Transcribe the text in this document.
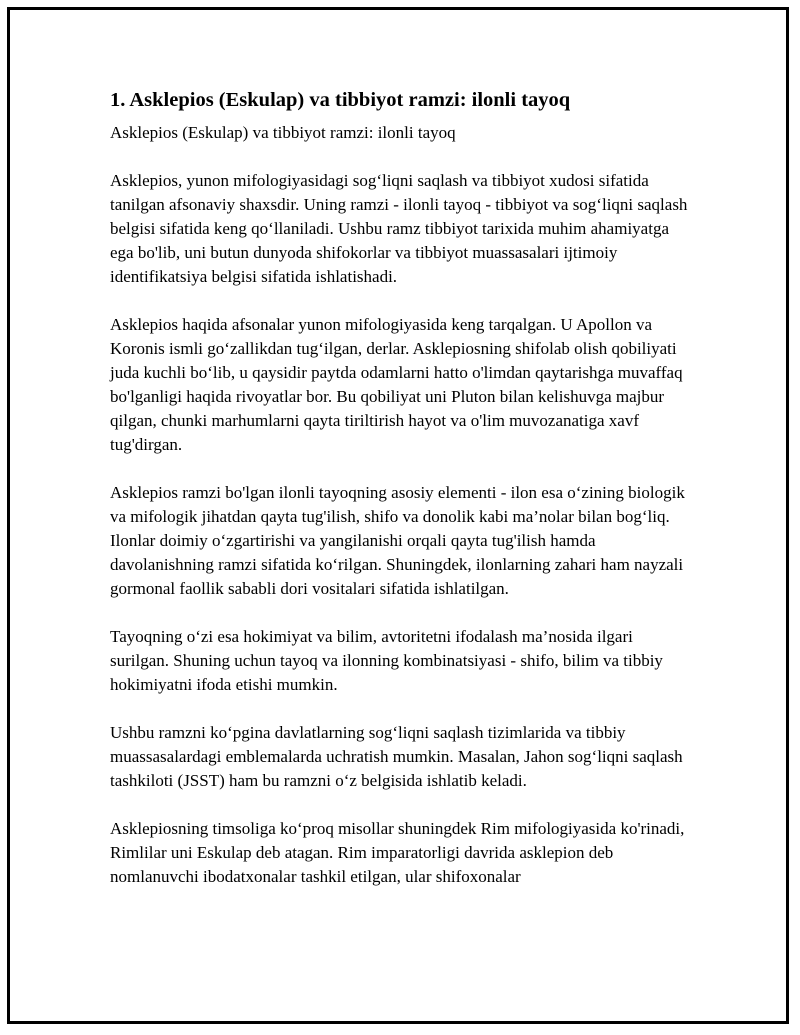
1. Asklepios (Eskulap) va tibbiyot ramzi: ilonli tayoq

Asklepios (Eskulap) va tibbiyot ramzi: ilonli tayoq

Asklepios, yunon mifologiyasidagi sog‘liqni saqlash va tibbiyot xudosi sifatida tanilgan afsonaviy shaxsdir. Uning ramzi - ilonli tayoq - tibbiyot va sog‘liqni saqlash belgisi sifatida keng qo‘llaniladi. Ushbu ramz tibbiyot tarixida muhim ahamiyatga ega bo'lib, uni butun dunyoda shifokorlar va tibbiyot muassasalari ijtimoiy identifikatsiya belgisi sifatida ishlatishadi.

Asklepios haqida afsonalar yunon mifologiyasida keng tarqalgan. U Apollon va Koronis ismli go‘zallikdan tug‘ilgan, derlar. Asklepiosning shifolab olish qobiliyati juda kuchli bo‘lib, u qaysidir paytda odamlarni hatto o'limdan qaytarishga muvaffaq bo'lganligi haqida rivoyatlar bor. Bu qobiliyat uni Pluton bilan kelishuvga majbur qilgan, chunki marhumlarni qayta tiriltirish hayot va o'lim muvozanatiga xavf tug'dirgan.

Asklepios ramzi bo'lgan ilonli tayoqning asosiy elementi - ilon esa o‘zining biologik va mifologik jihatdan qayta tug'ilish, shifo va donolik kabi ma’nolar bilan bog‘liq. Ilonlar doimiy o‘zgartirishi va yangilanishi orqali qayta tug'ilish hamda davolanishning ramzi sifatida ko‘rilgan. Shuningdek, ilonlarning zahari ham nayzali gormonal faollik sababli dori vositalari sifatida ishlatilgan.

Tayoqning o‘zi esa hokimiyat va bilim, avtoritetni ifodalash ma’nosida ilgari surilgan. Shuning uchun tayoq va ilonning kombinatsiyasi - shifo, bilim va tibbiy hokimiyatni ifoda etishi mumkin.

Ushbu ramzni ko‘pgina davlatlarning sog‘liqni saqlash tizimlarida va tibbiy muassasalardagi emblemalarda uchratish mumkin. Masalan, Jahon sog‘liqni saqlash tashkiloti (JSST) ham bu ramzni o‘z belgisida ishlatib keladi.

Asklepiosning timsoliga ko‘proq misollar shuningdek Rim mifologiyasida ko'rinadi, Rimlilar uni Eskulap deb atagan. Rim imparatorligi davrida asklepion deb nomlanuvchi ibodatxonalar tashkil etilgan, ular shifoxonalar
